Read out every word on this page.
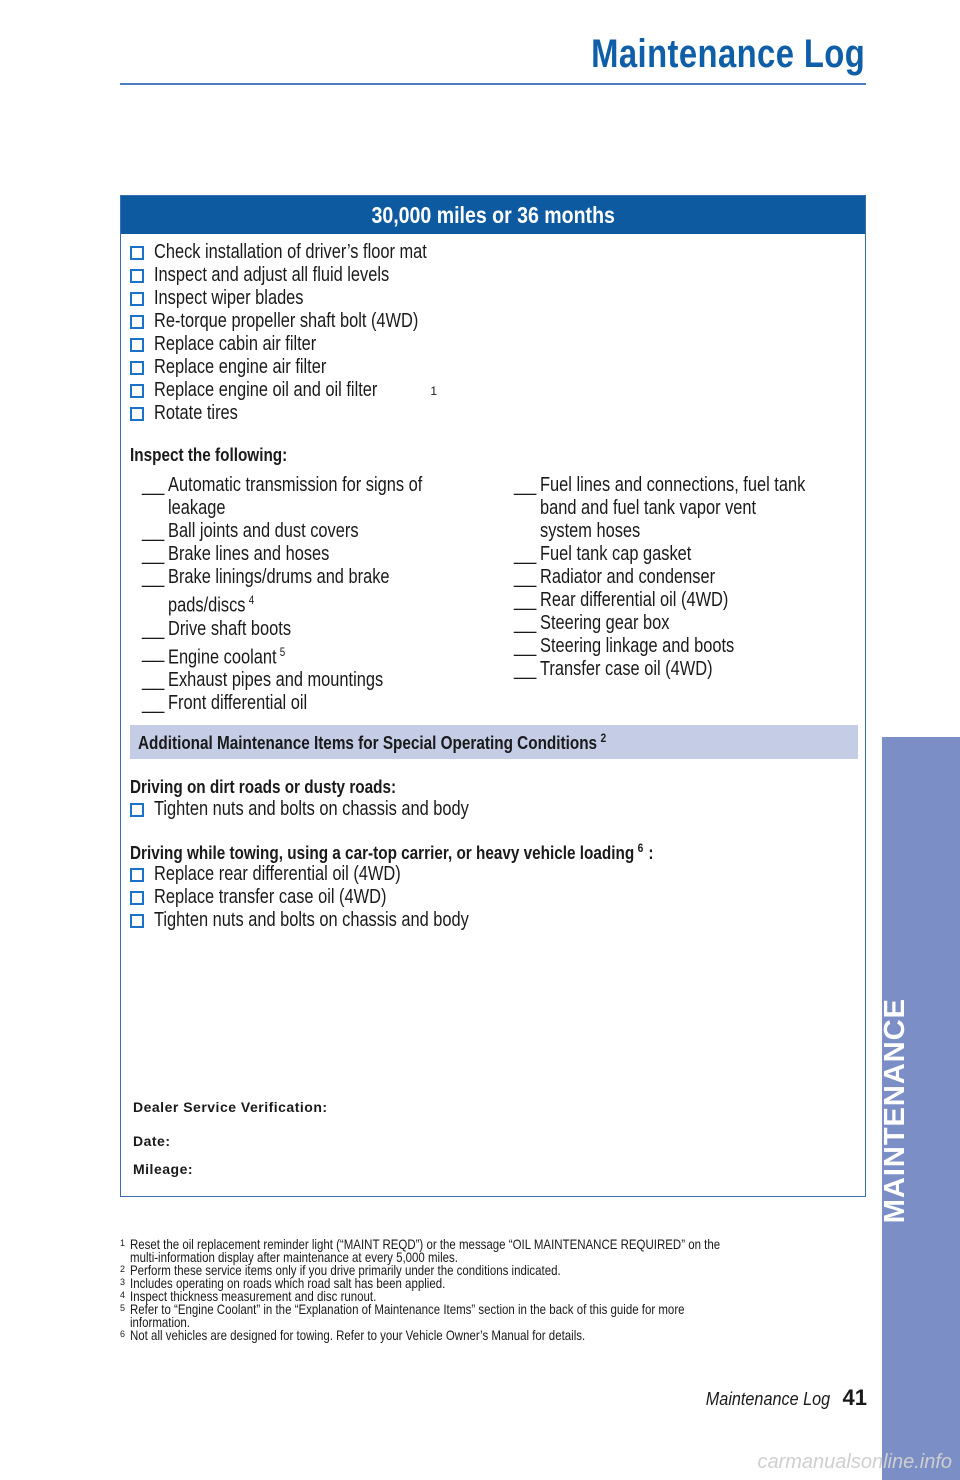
Maintenance Log
30,000 miles or 36 months
Check installation of driver’s floor mat
Inspect and adjust all fluid levels
Inspect wiper blades
Re-torque propeller shaft bolt (4WD)
Replace cabin air filter
Replace engine air filter
Replace engine oil and oil filter	1
Rotate tires
Inspect the following:
__ Automatic transmission for signs of leakage
__ Ball joints and dust covers
__ Brake lines and hoses
__ Brake linings/drums and brake pads/discs $^4$
__ Drive shaft boots
__ Engine coolant $^5$
__ Exhaust pipes and mountings
__ Front differential oil
__ Fuel lines and connections, fuel tank band and fuel tank vapor vent system hoses
__ Fuel tank cap gasket
__ Radiator and condenser
__ Rear differential oil (4WD)
__ Steering gear box
__ Steering linkage and boots
__ Transfer case oil (4WD)
Additional Maintenance Items for Special Operating Conditions $^2$
Driving on dirt roads or dusty roads:
Tighten nuts and bolts on chassis and body
Driving while towing, using a car-top carrier, or heavy vehicle loading $^6$ :
Replace rear differential oil (4WD)
Replace transfer case oil (4WD)
Tighten nuts and bolts on chassis and body
Dealer Service Verification:
Date:
Mileage:
1 Reset the oil replacement reminder light (“MAINT REQD”) or the message “OIL MAINTENANCE REQUIRED” on the multi-information display after maintenance at every 5,000 miles.
2 Perform these service items only if you drive primarily under the conditions indicated.
3 Includes operating on roads which road salt has been applied.
4 Inspect thickness measurement and disc runout.
5 Refer to “Engine Coolant” in the “Explanation of Maintenance Items” section in the back of this guide for more information.
6 Not all vehicles are designed for towing. Refer to your Vehicle Owner’s Manual for details.
MAINTENANCE
Maintenance Log 41
carmanualsonline.info
